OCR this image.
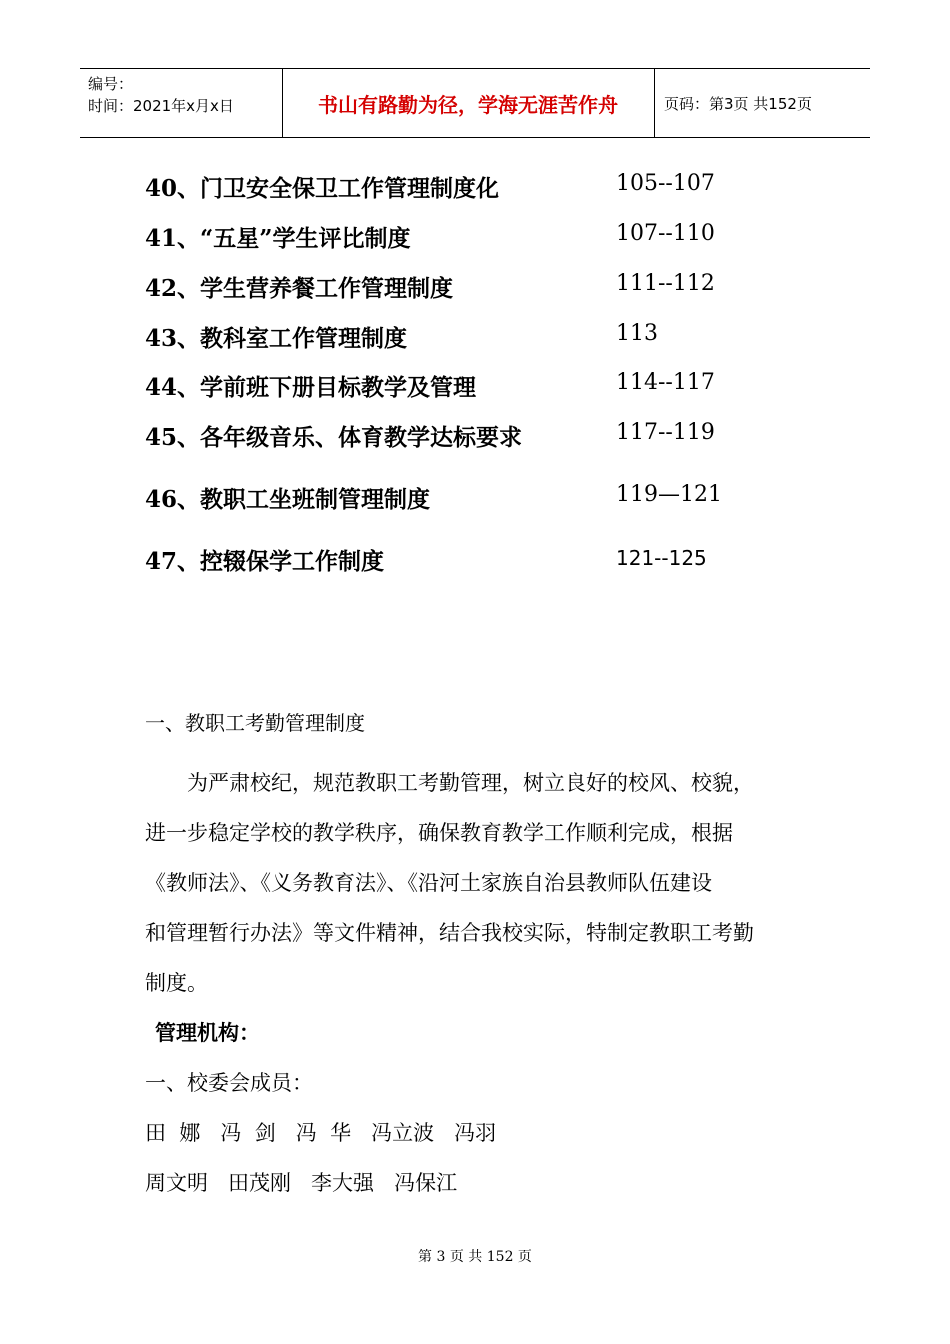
编号：
时间：2021年x月x日	书山有路勤为径，学海无涯苦作舟	页码：第3页 共152页
40、门卫安全保卫工作管理制度化	105--107
41、“五星”学生评比制度	107--110
42、学生营养餐工作管理制度	111--112
43、教科室工作管理制度	113
44、学前班下册目标教学及管理	114--117
45、各年级音乐、体育教学达标要求	117--119
46、教职工坐班制管理制度	119—121
47、控辍保学工作制度	121--125
一、教职工考勤管理制度

　　为严肃校纪，规范教职工考勤管理，树立良好的校风、校貌，

进一步稳定学校的教学秩序，确保教育教学工作顺利完成，根据

《教师法》、《义务教育法》、《沿河土家族自治县教师队伍建设

和管理暂行办法》等文件精神，结合我校实际，特制定教职工考勤

制度。

管理机构：
一、校委会成员：
田  娜   冯  剑   冯  华   冯立波   冯羽
周文明   田茂刚   李大强   冯保江
第 3 页 共 152 页
